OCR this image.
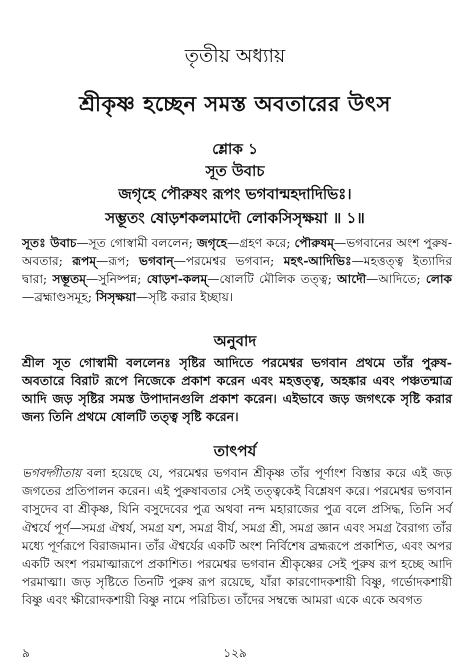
তৃতীয় অধ্যায়
শ্রীকৃষ্ণ হচ্ছেন সমস্ত অবতারের উৎস
শ্লোক ১
সূত উবাচ
জগৃহে পৌরুষং রূপং ভগবান্মহদাদিভিঃ।
সম্ভূতং ষোড়শকলমাদৌ লোকসিসৃক্ষয়া ॥ ১॥
সূতঃ উবাচ—সূত গোস্বামী বললেন; জগৃহে—গ্রহণ করে; পৌরুষম্—ভগবানের অংশ পুরুষ-অবতার; রূপম্—রূপ; ভগবান্—পরমেশ্বর ভগবান; মহৎ-আদিভিঃ—মহত্তত্ত্ব ইত্যাদির দ্বারা; সম্ভূতম্—সুনিষ্পন্ন; ষোড়শ-কলম্—ষোলটি মৌলিক তত্ত্ব; আদৌ—আদিতে; লোক—ব্রহ্মাণ্ডসমূহ; সিসৃক্ষয়া—সৃষ্টি করার ইচ্ছায়।
অনুবাদ
শ্রীল সূত গোস্বামী বললেনঃ সৃষ্টির আদিতে পরমেশ্বর ভগবান প্রথমে তাঁর পুরুষ-অবতারে বিরাট রূপে নিজেকে প্রকাশ করেন এবং মহত্তত্ত্ব, অহঙ্কার এবং পঞ্চতন্মাত্র আদি জড় সৃষ্টির সমস্ত উপাদানগুলি প্রকাশ করেন। এইভাবে জড় জগৎকে সৃষ্টি করার জন্য তিনি প্রথমে ষোলটি তত্ত্ব সৃষ্টি করেন।
তাৎপর্য
ভগবদ্গীতায় বলা হয়েছে যে, পরমেশ্বর ভগবান শ্রীকৃষ্ণ তাঁর পূর্ণাংশ বিস্তার করে এই জড় জগতের প্রতিপালন করেন। এই পুরুষাবতার সেই তত্ত্বকেই বিশ্লেষণ করে। পরমেশ্বর ভগবান বাসুদেব বা শ্রীকৃষ্ণ, যিনি বসুদেবের পুত্র অথবা নন্দ মহারাজের পুত্র বলে প্রসিদ্ধ, তিনি সর্ব ঐশ্বর্যে পূর্ণ—সমগ্র ঐশ্বর্য, সমগ্র যশ, সমগ্র বীর্য, সমগ্র শ্রী, সমগ্র জ্ঞান এবং সমগ্র বৈরাগ্য তাঁর মধ্যে পূর্ণরূপে বিরাজমান। তাঁর ঐশ্বর্যের একটি অংশ নির্বিশেষ ব্রহ্মরূপে প্রকাশিত, এবং অপর একটি অংশ পরমাত্মারূপে প্রকাশিত। পরমেশ্বর ভগবান শ্রীকৃষ্ণের সেই পুরুষ রূপ হচ্ছে আদি পরমাত্মা। জড় সৃষ্টিতে তিনটি পুরুষ রূপ রয়েছে, যাঁরা কারণোদকশায়ী বিষ্ণু, গর্ভোদকশায়ী বিষ্ণু এবং ক্ষীরোদকশায়ী বিষ্ণু নামে পরিচিত। তাঁদের সম্বন্ধে আমরা একে একে অবগত
৯	১২৯
